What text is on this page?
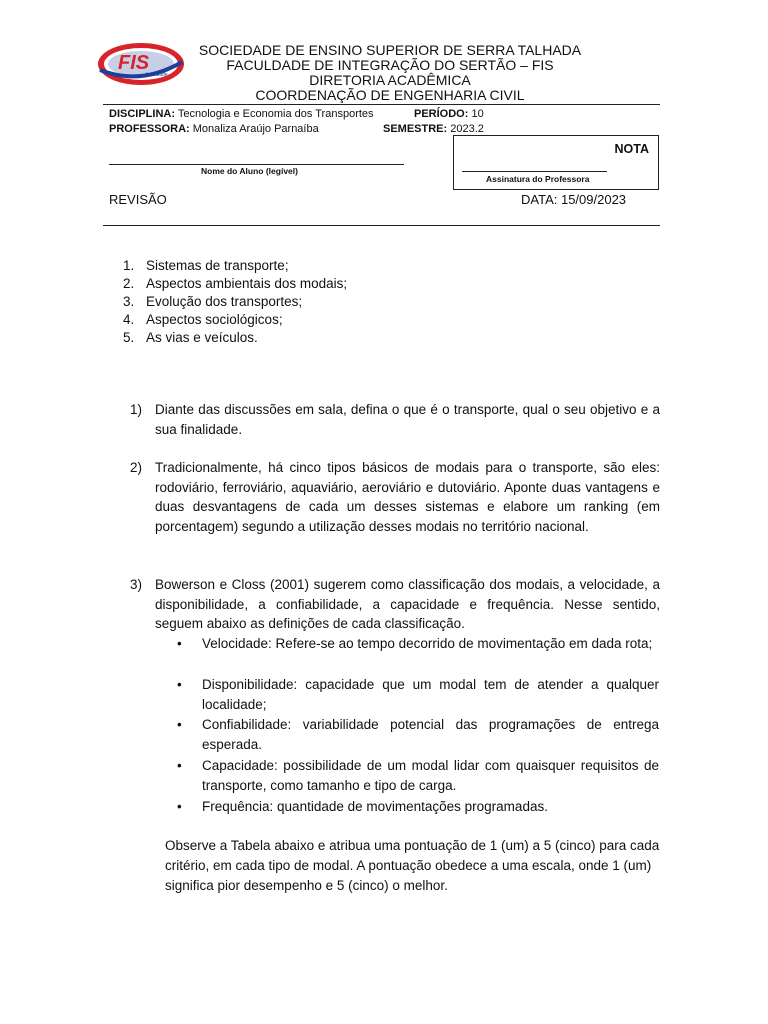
FIS
faculdade
SOCIEDADE DE ENSINO SUPERIOR DE SERRA TALHADA
FACULDADE DE INTEGRAÇÃO DO SERTÃO – FIS
DIRETORIA ACADÊMICA
COORDENAÇÃO DE ENGENHARIA CIVIL
DISCIPLINA: Tecnologia e Economia dos Transportes	PERÍODO: 10
PROFESSORA: Monaliza Araújo Parnaíba	SEMESTRE: 2023.2
Nome do Aluno (legível)
NOTA
Assinatura do Professora
REVISÃO	DATA: 15/09/2023
1. Sistemas de transporte;
2. Aspectos ambientais dos modais;
3. Evolução dos transportes;
4. Aspectos sociológicos;
5. As vias e veículos.
1) Diante das discussões em sala, defina o que é o transporte, qual o seu objetivo e a sua finalidade.
2) Tradicionalmente, há cinco tipos básicos de modais para o transporte, são eles: rodoviário, ferroviário, aquaviário, aeroviário e dutoviário. Aponte duas vantagens e duas desvantagens de cada um desses sistemas e elabore um ranking (em porcentagem) segundo a utilização desses modais no território nacional.
3) Bowerson e Closs (2001) sugerem como classificação dos modais, a velocidade, a disponibilidade, a confiabilidade, a capacidade e frequência. Nesse sentido, seguem abaixo as definições de cada classificação.
• Velocidade: Refere-se ao tempo decorrido de movimentação em dada rota;
• Disponibilidade: capacidade que um modal tem de atender a qualquer localidade;
• Confiabilidade: variabilidade potencial das programações de entrega esperada.
• Capacidade: possibilidade de um modal lidar com quaisquer requisitos de transporte, como tamanho e tipo de carga.
• Frequência: quantidade de movimentações programadas.
Observe a Tabela abaixo e atribua uma pontuação de 1 (um) a 5 (cinco) para cada critério, em cada tipo de modal. A pontuação obedece a uma escala, onde 1 (um) significa pior desempenho e 5 (cinco) o melhor.
